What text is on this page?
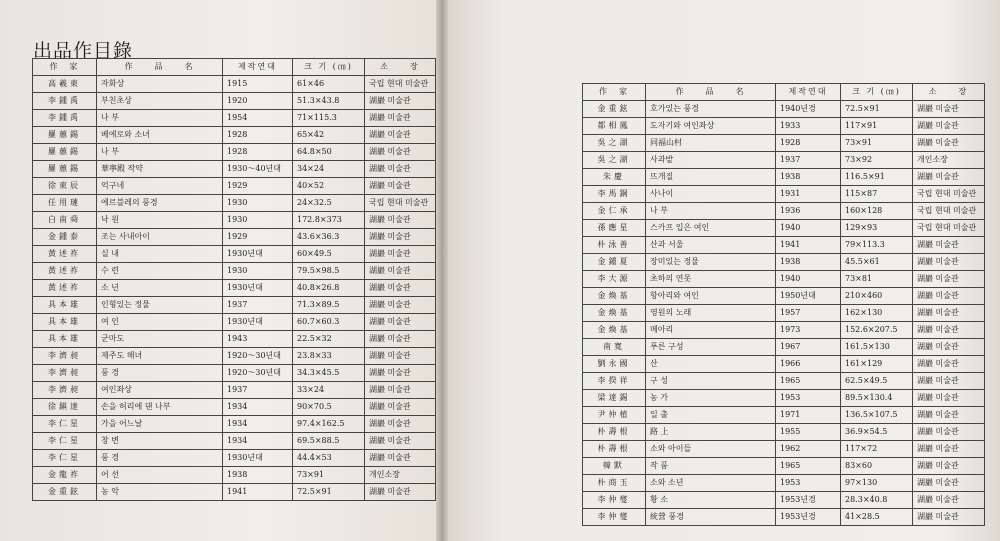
出品作目錄
作　家	作　　品　　名	제작연대	크 기 (㎝)	소　　장
高羲東	자화상	1915	61×46	국립 현대 미술관
李鍾禹	부친초상	1920	51.3×43.8	湖巖 미술관
李鍾禹	나 부	1954	71×115.3	湖巖 미술관
羅蕙錫	베에로와 소녀	1928	65×42	湖巖 미술관
羅蕙錫	나 부	1928	64.8×50	湖巖 미술관
羅蕙錫	華寧殿 작약	1930～40년대	34×24	湖巖 미술관
徐東辰	억구네	1929	40×52	湖巖 미술관
任用璉	에르블레의 풍경	1930	24×32.5	국립 현대 미술관
白南舜	낙 원	1930	172.8×373	湖巖 미술관
金鍾泰	조는 사내아이	1929	43.6×36.3	湖巖 미술관
黃述祚	실 내	1930년대	60×49.5	湖巖 미술관
黃述祚	수 련	1930	79.5×98.5	湖巖 미술관
黃述祚	소 년	1930년대	40.8×26.8	湖巖 미술관
具本雄	인형있는 정물	1937	71.3×89.5	湖巖 미술관
具本雄	여 인	1930년대	60.7×60.3	湖巖 미술관
具本雄	군마도	1943	22.5×32	湖巖 미술관
李濟昶	제주도 해녀	1920～30년대	23.8×33	湖巖 미술관
李濟昶	풍 경	1920～30년대	34.3×45.5	湖巖 미술관
李濟昶	여인좌상	1937	33×24	湖巖 미술관
徐鎭達	손을 허리에 댄 나부	1934	90×70.5	湖巖 미술관
李仁星	가을 어느날	1934	97.4×162.5	湖巖 미술관
李仁星	창 변	1934	69.5×88.5	湖巖 미술관
李仁星	풍 경	1930년대	44.4×53	湖巖 미술관
金龍祚	어 선	1938	73×91	개인소장
金重鉉	농 악	1941	72.5×91	湖巖 미술관
作　家	作　　品　　名	제작연대	크 기 (㎝)	소　　장
金重鉉	호가있는 풍경	1940년경	72.5×91	湖巖 미술관
都相鳳	도자기와 여인좌상	1933	117×91	湖巖 미술관
吳之湖	同福山村	1928	73×91	湖巖 미술관
吳之湖	사과밭	1937	73×92	개인소장
朱慶	뜨개질	1938	116.5×91	湖巖 미술관
李馬銅	사나이	1931	115×87	국립 현대 미술관
金仁承	나 부	1936	160×128	국립 현대 미술관
孫應星	스카프 입은 여인	1940	129×93	국립 현대 미술관
朴泳善	산과 서울	1941	79×113.3	湖巖 미술관
金鍾夏	장미있는 정물	1938	45.5×61	湖巖 미술관
李大源	초하의 연못	1940	73×81	湖巖 미술관
金煥基	항아리와 여인	1950년대	210×460	湖巖 미술관
金煥基	영원의 노래	1957	162×130	湖巖 미술관
金煥基	메아리	1973	152.6×207.5	湖巖 미술관
南寬	푸른 구성	1967	161.5×130	湖巖 미술관
劉永國	산	1966	161×129	湖巖 미술관
李揆祥	구 성	1965	62.5×49.5	湖巖 미술관
梁達錫	농 가	1953	89.5×130.4	湖巖 미술관
尹仲植	일 출	1971	136.5×107.5	湖巖 미술관
朴壽根	路 上	1955	36.9×54.5	湖巖 미술관
朴壽根	소와 아이들	1962	117×72	湖巖 미술관
韓默	작 품	1965	83×60	湖巖 미술관
朴商玉	소와 소년	1953	97×130	湖巖 미술관
李仲燮	황 소	1953년경	28.3×40.8	湖巖 미술관
李仲燮	統營 풍경	1953년경	41×28.5	湖巖 미술관
